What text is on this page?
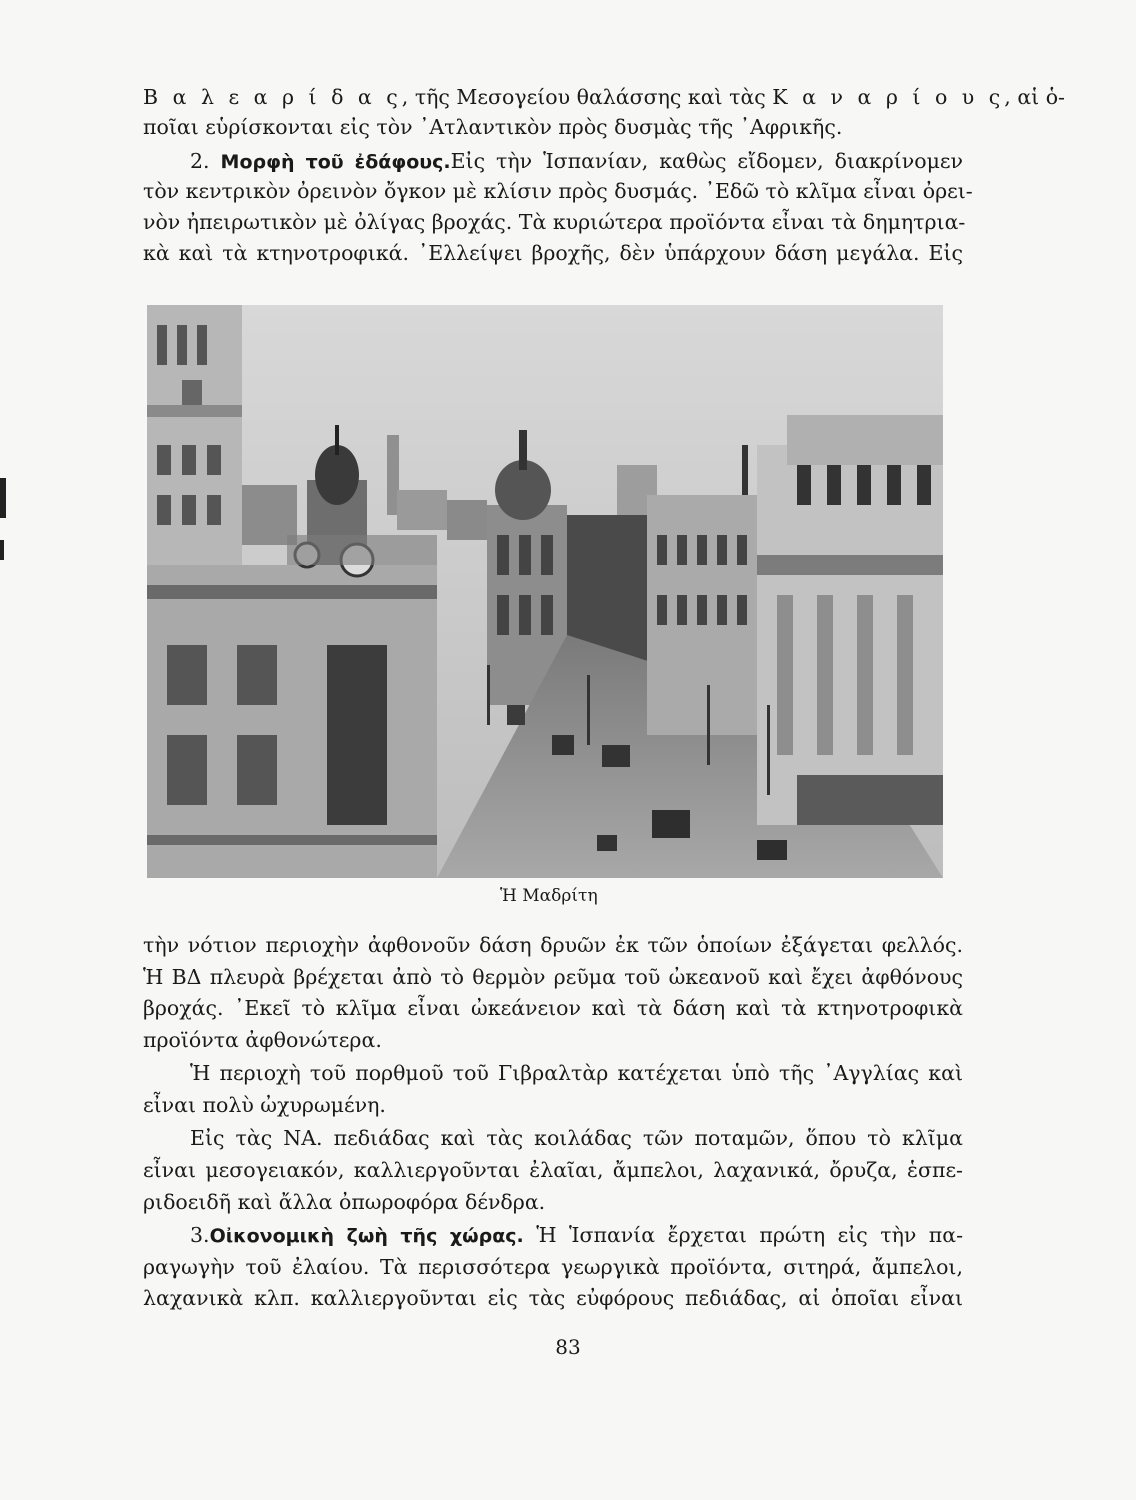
Β α λ ε α ρ ί δ α ς, τῆς Μεσογείου θαλάσσης καὶ τὰς Κ α ν α ρ ί ο υ ς, αἱ ὁ-
ποῖαι εὑρίσκονται εἰς τὸν ᾿Ατλαντικὸν πρὸς δυσμὰς τῆς ᾿Αφρικῆς.
2. Μορφὴ τοῦ ἐδάφους.Εἰς τὴν Ἱσπανίαν, καθὼς εἴδομεν, διακρίνομεν
τὸν κεντρικὸν ὀρεινὸν ὄγκον μὲ κλίσιν πρὸς δυσμάς. ᾿Εδῶ τὸ κλῖμα εἶναι ὀρει-
νὸν ἠπειρωτικὸν μὲ ὀλίγας βροχάς. Τὰ κυριώτερα προϊόντα εἶναι τὰ δημητρια-
κὰ καὶ τὰ κτηνοτροφικά. ᾿Ελλείψει βροχῆς, δὲν ὑπάρχουν δάση μεγάλα. Εἰς
Ἡ Μαδρίτη
τὴν νότιον περιοχὴν ἀφθονοῦν δάση δρυῶν ἐκ τῶν ὁποίων ἐξάγεται φελλός.
Ἡ ΒΔ πλευρὰ βρέχεται ἀπὸ τὸ θερμὸν ρεῦμα τοῦ ὠκεανοῦ καὶ ἔχει ἀφθόνους
βροχάς. ᾿Εκεῖ τὸ κλῖμα εἶναι ὠκεάνειον καὶ τὰ δάση καὶ τὰ κτηνοτροφικὰ
προϊόντα ἀφθονώτερα.
Ἡ περιοχὴ τοῦ πορθμοῦ τοῦ Γιβραλτὰρ κατέχεται ὑπὸ τῆς ᾿Αγγλίας καὶ
εἶναι πολὺ ὠχυρωμένη.
Εἰς τὰς ΝΑ. πεδιάδας καὶ τὰς κοιλάδας τῶν ποταμῶν, ὅπου τὸ κλῖμα
εἶναι μεσογειακόν, καλλιεργοῦνται ἐλαῖαι, ἄμπελοι, λαχανικά, ὄρυζα, ἑσπε-
ριδοειδῆ καὶ ἄλλα ὀπωροφόρα δένδρα.
3.Οἰκονομικὴ ζωὴ τῆς χώρας. Ἡ Ἱσπανία ἔρχεται πρώτη εἰς τὴν πα-
ραγωγὴν τοῦ ἐλαίου. Τὰ περισσότερα γεωργικὰ προϊόντα, σιτηρά, ἄμπελοι,
λαχανικὰ κλπ. καλλιεργοῦνται εἰς τὰς εὐφόρους πεδιάδας, αἱ ὁποῖαι εἶναι
83
